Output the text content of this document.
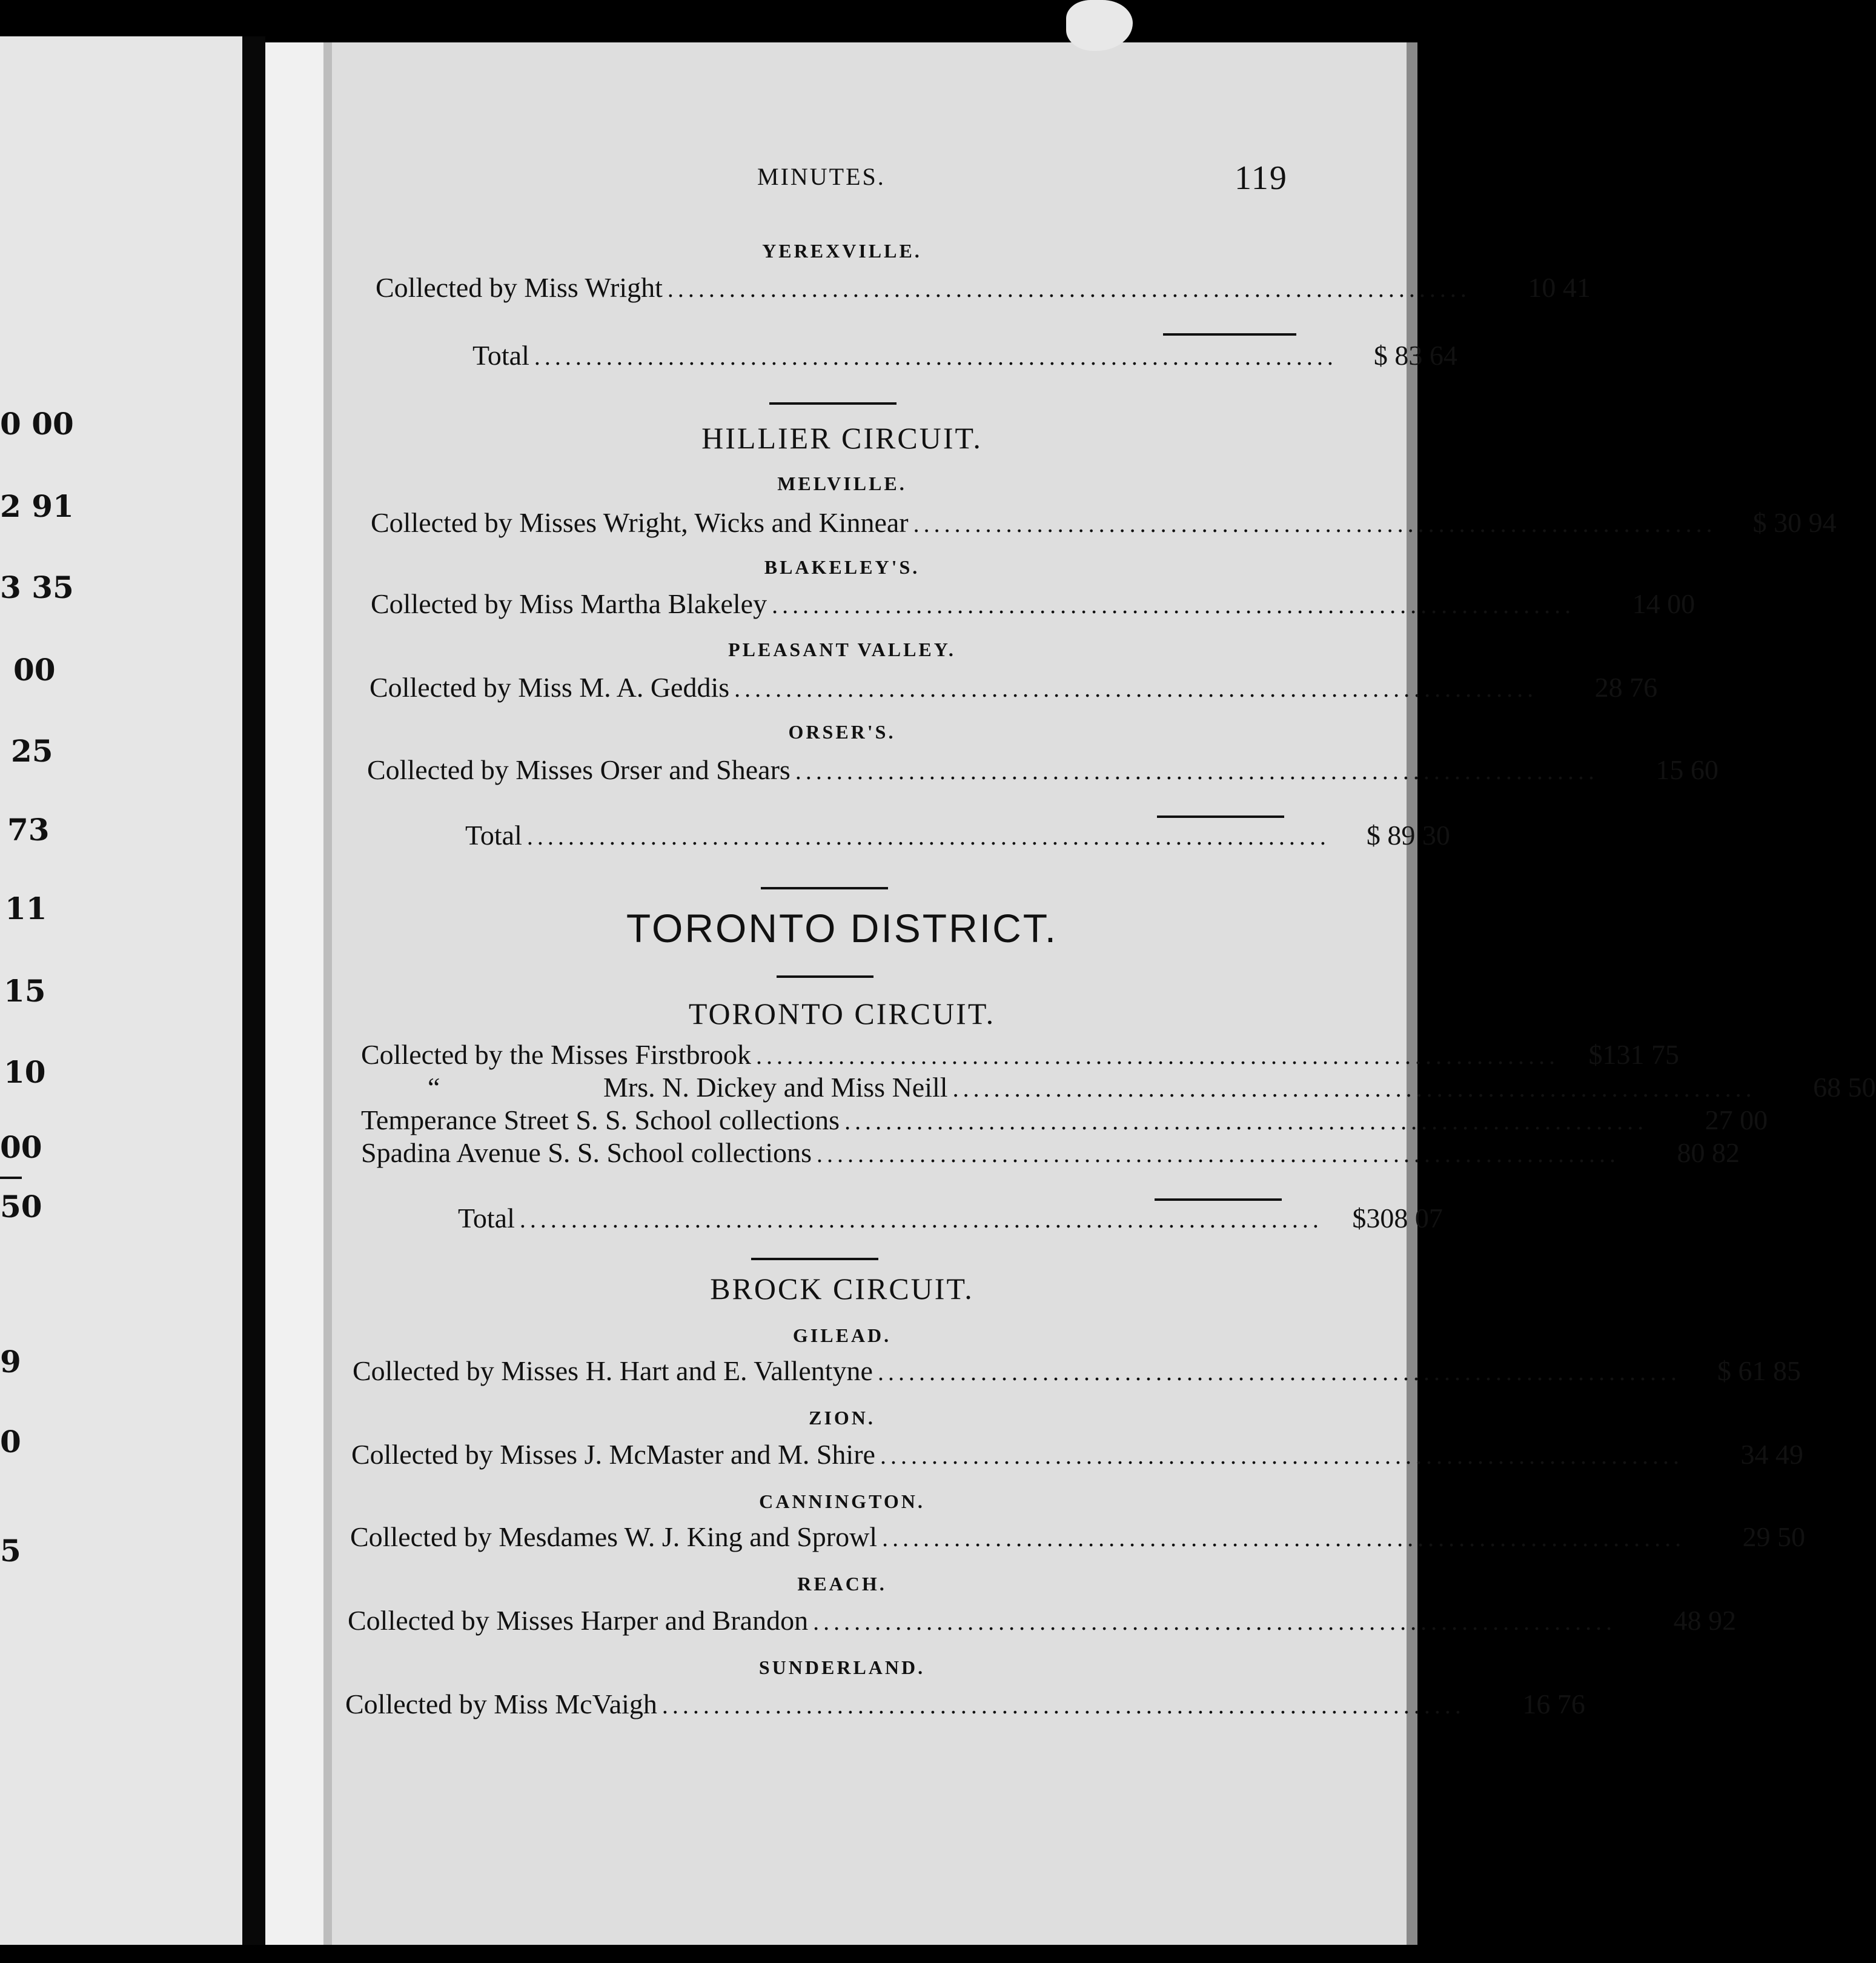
0 00
2 91
3 35
00
25
73
11
15
10
00
50
9
0
5
MINUTES.	119
YEREXVILLE.
Collected by Miss Wright ..............................................................................	10 41
Total ..............................................................................	$ 83 64
HILLIER CIRCUIT.
MELVILLE.
Collected by Misses Wright, Wicks and Kinnear ..............................................................................	$ 30 94
BLAKELEY'S.
Collected by Miss Martha Blakeley ..............................................................................	14 00
PLEASANT VALLEY.
Collected by Miss M. A. Geddis ..............................................................................	28 76
ORSER'S.
Collected by Misses Orser and Shears ..............................................................................	15 60
Total ..............................................................................	$ 89 30
TORONTO DISTRICT.
TORONTO CIRCUIT.
Collected by the Misses Firstbrook ..............................................................................	$131 75
“	Mrs. N. Dickey and Miss Neill ..............................................................................	68 50
Temperance Street S. S. School collections ..............................................................................	27 00
Spadina Avenue S. S. School collections ..............................................................................	80 82
Total ..............................................................................	$308 07
BROCK CIRCUIT.
GILEAD.
Collected by Misses H. Hart and E. Vallentyne ..............................................................................	$ 61 85
ZION.
Collected by Misses J. McMaster and M. Shire ..............................................................................	34 49
CANNINGTON.
Collected by Mesdames W. J. King and Sprowl ..............................................................................	29 50
REACH.
Collected by Misses Harper and Brandon ..............................................................................	48 92
SUNDERLAND.
Collected by Miss McVaigh ..............................................................................	16 76
